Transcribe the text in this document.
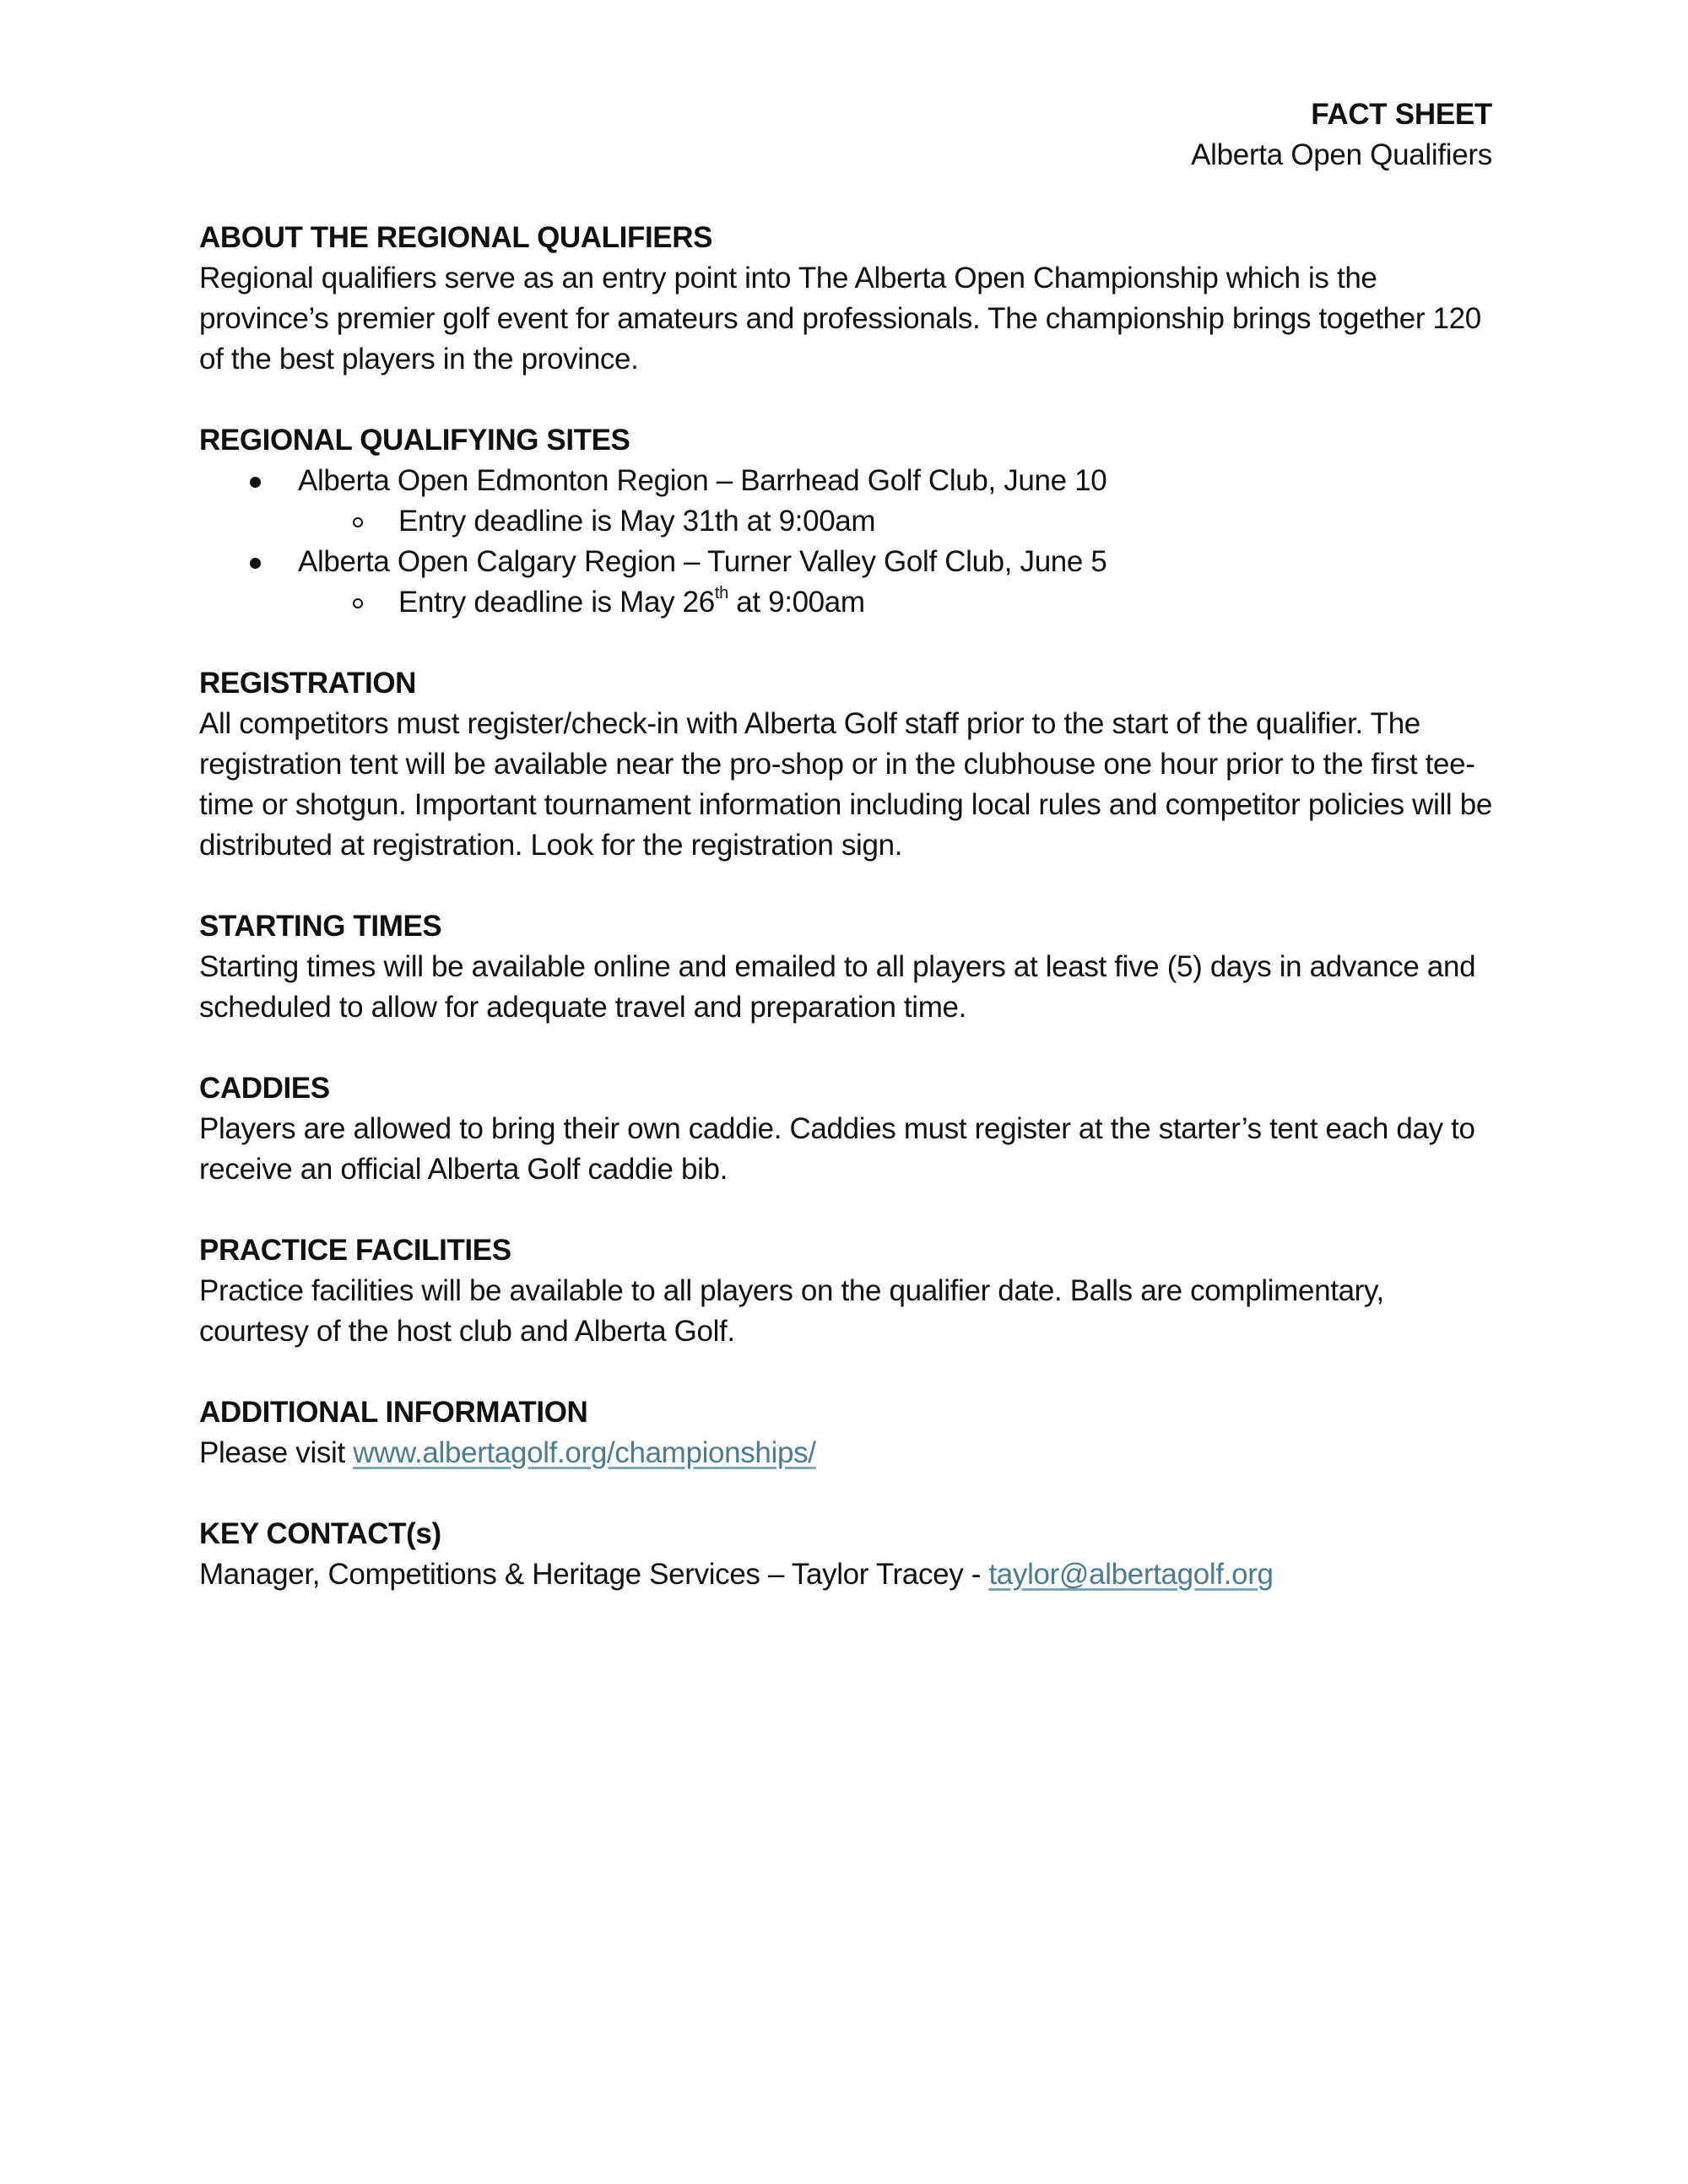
FACT SHEET
Alberta Open Qualifiers
ABOUT THE REGIONAL QUALIFIERS

Regional qualifiers serve as an entry point into The Alberta Open Championship which is the province’s premier golf event for amateurs and professionals. The championship brings together 120 of the best players in the province.

REGIONAL QUALIFYING SITES
Alberta Open Edmonton Region – Barrhead Golf Club, June 10
Entry deadline is May 31th at 9:00am
Alberta Open Calgary Region – Turner Valley Golf Club, June 5
Entry deadline is May 26th at 9:00am
REGISTRATION

All competitors must register/check-in with Alberta Golf staff prior to the start of the qualifier. The registration tent will be available near the pro-shop or in the clubhouse one hour prior to the first tee-time or shotgun. Important tournament information including local rules and competitor policies will be distributed at registration. Look for the registration sign.

STARTING TIMES

Starting times will be available online and emailed to all players at least five (5) days in advance and scheduled to allow for adequate travel and preparation time.

CADDIES

Players are allowed to bring their own caddie. Caddies must register at the starter’s tent each day to receive an official Alberta Golf caddie bib.

PRACTICE FACILITIES

Practice facilities will be available to all players on the qualifier date. Balls are complimentary, courtesy of the host club and Alberta Golf.

ADDITIONAL INFORMATION

Please visit www.albertagolf.org/championships/

KEY CONTACT(s)

Manager, Competitions & Heritage Services – Taylor Tracey - taylor@albertagolf.org
